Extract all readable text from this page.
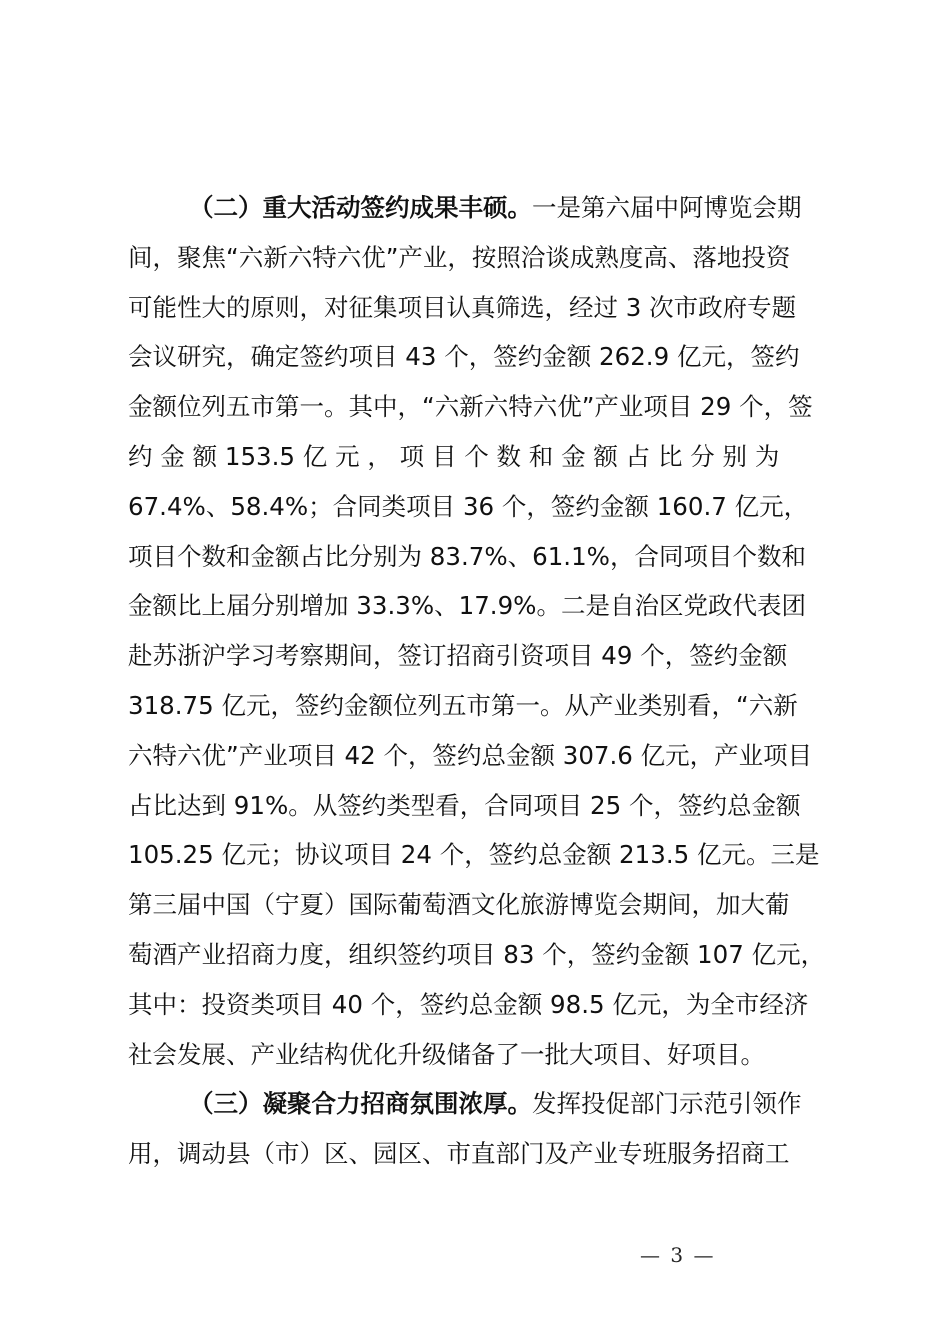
（二）重大活动签约成果丰硕。一是第六届中阿博览会期
间，聚焦“六新六特六优”产业，按照洽谈成熟度高、落地投资
可能性大的原则，对征集项目认真筛选，经过 3 次市政府专题
会议研究，确定签约项目 43 个，签约金额 262.9 亿元，签约
金额位列五市第一。其中，“六新六特六优”产业项目 29 个，签
约 金 额 153.5 亿 元 ， 项 目 个 数 和 金 额 占 比 分 别 为
67.4%、58.4%；合同类项目 36 个，签约金额 160.7 亿元，
项目个数和金额占比分别为 83.7%、61.1%，合同项目个数和
金额比上届分别增加 33.3%、17.9%。二是自治区党政代表团
赴苏浙沪学习考察期间，签订招商引资项目 49 个，签约金额
318.75 亿元，签约金额位列五市第一。从产业类别看，“六新
六特六优”产业项目 42 个，签约总金额 307.6 亿元，产业项目
占比达到 91%。从签约类型看，合同项目 25 个，签约总金额
105.25 亿元；协议项目 24 个，签约总金额 213.5 亿元。三是
第三届中国（宁夏）国际葡萄酒文化旅游博览会期间，加大葡
萄酒产业招商力度，组织签约项目 83 个，签约金额 107 亿元，
其中：投资类项目 40 个，签约总金额 98.5 亿元，为全市经济
社会发展、产业结构优化升级储备了一批大项目、好项目。
（三）凝聚合力招商氛围浓厚。发挥投促部门示范引领作
用，调动县（市）区、园区、市直部门及产业专班服务招商工
— 3 —
